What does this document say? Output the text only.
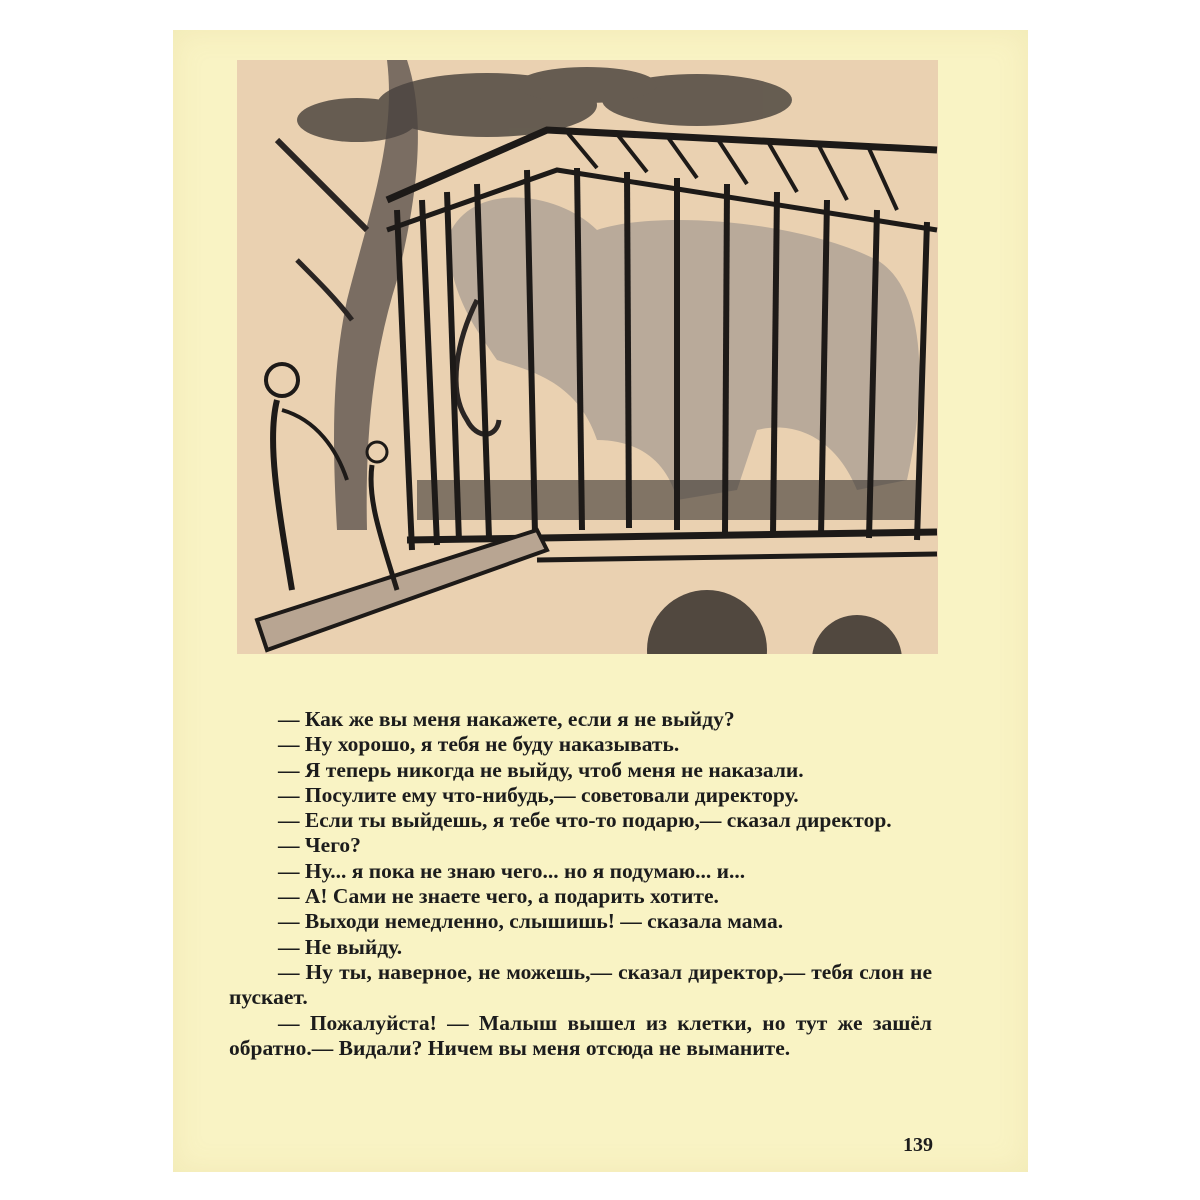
— Как же вы меня накажете, если я не выйду?

— Ну хорошо, я тебя не буду наказывать.

— Я теперь никогда не выйду, чтоб меня не наказали.

— Посулите ему что-нибудь,— советовали директору.

— Если ты выйдешь, я тебе что-то подарю,— сказал директор.

— Чего?

— Ну... я пока не знаю чего... но я подумаю... и...

— А! Сами не знаете чего, а подарить хотите.

— Выходи немедленно, слышишь! — сказала мама.

— Не выйду.

— Ну ты, наверное, не можешь,— сказал директор,— тебя слон не пускает.

— Пожалуйста! — Малыш вышел из клетки, но тут же зашёл обратно.— Видали? Ничем вы меня отсюда не выманите.

139
